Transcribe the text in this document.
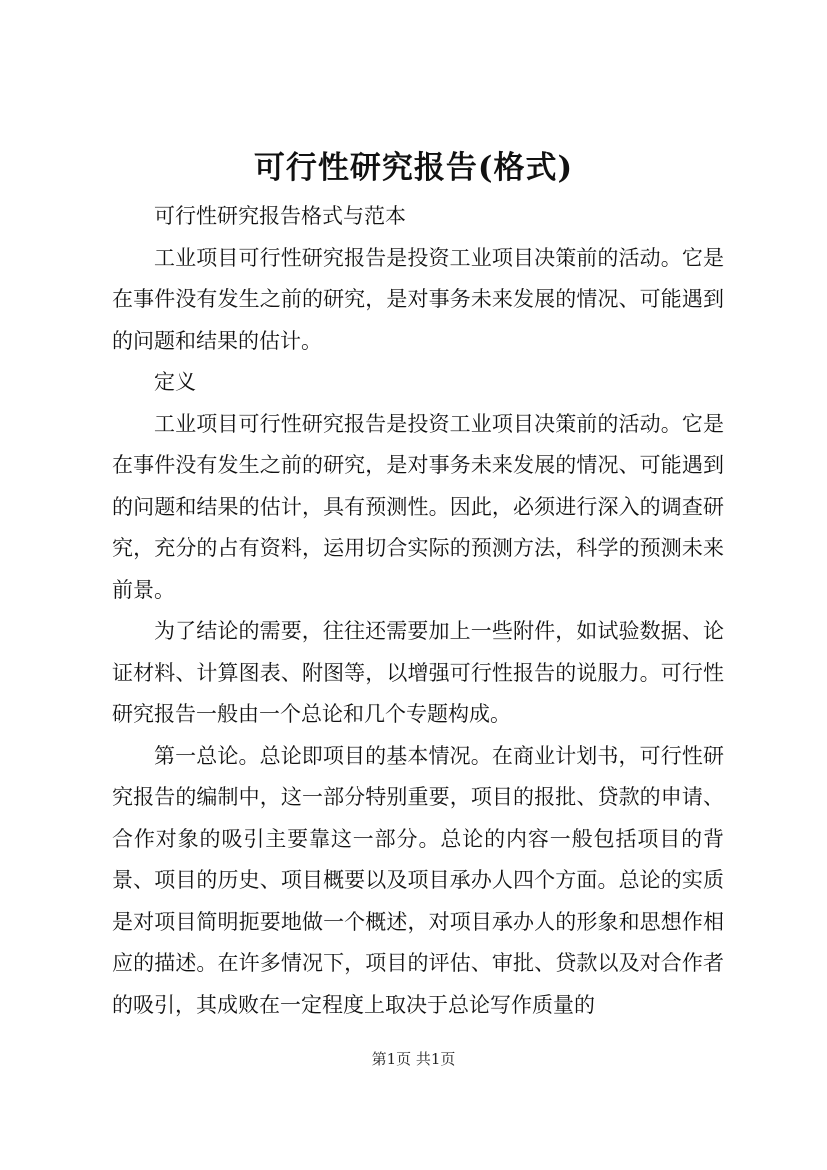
可行性研究报告(格式)

可行性研究报告格式与范本

工业项目可行性研究报告是投资工业项目决策前的活动。它是在事件没有发生之前的研究，是对事务未来发展的情况、可能遇到的问题和结果的估计。

定义

工业项目可行性研究报告是投资工业项目决策前的活动。它是在事件没有发生之前的研究，是对事务未来发展的情况、可能遇到的问题和结果的估计，具有预测性。因此，必须进行深入的调查研究，充分的占有资料，运用切合实际的预测方法，科学的预测未来前景。

为了结论的需要，往往还需要加上一些附件，如试验数据、论证材料、计算图表、附图等，以增强可行性报告的说服力。可行性研究报告一般由一个总论和几个专题构成。

第一总论。总论即项目的基本情况。在商业计划书，可行性研究报告的编制中，这一部分特别重要，项目的报批、贷款的申请、合作对象的吸引主要靠这一部分。总论的内容一般包括项目的背景、项目的历史、项目概要以及项目承办人四个方面。总论的实质是对项目简明扼要地做一个概述，对项目承办人的形象和思想作相应的描述。在许多情况下，项目的评估、审批、贷款以及对合作者的吸引，其成败在一定程度上取决于总论写作质量的

第1页 共1页
